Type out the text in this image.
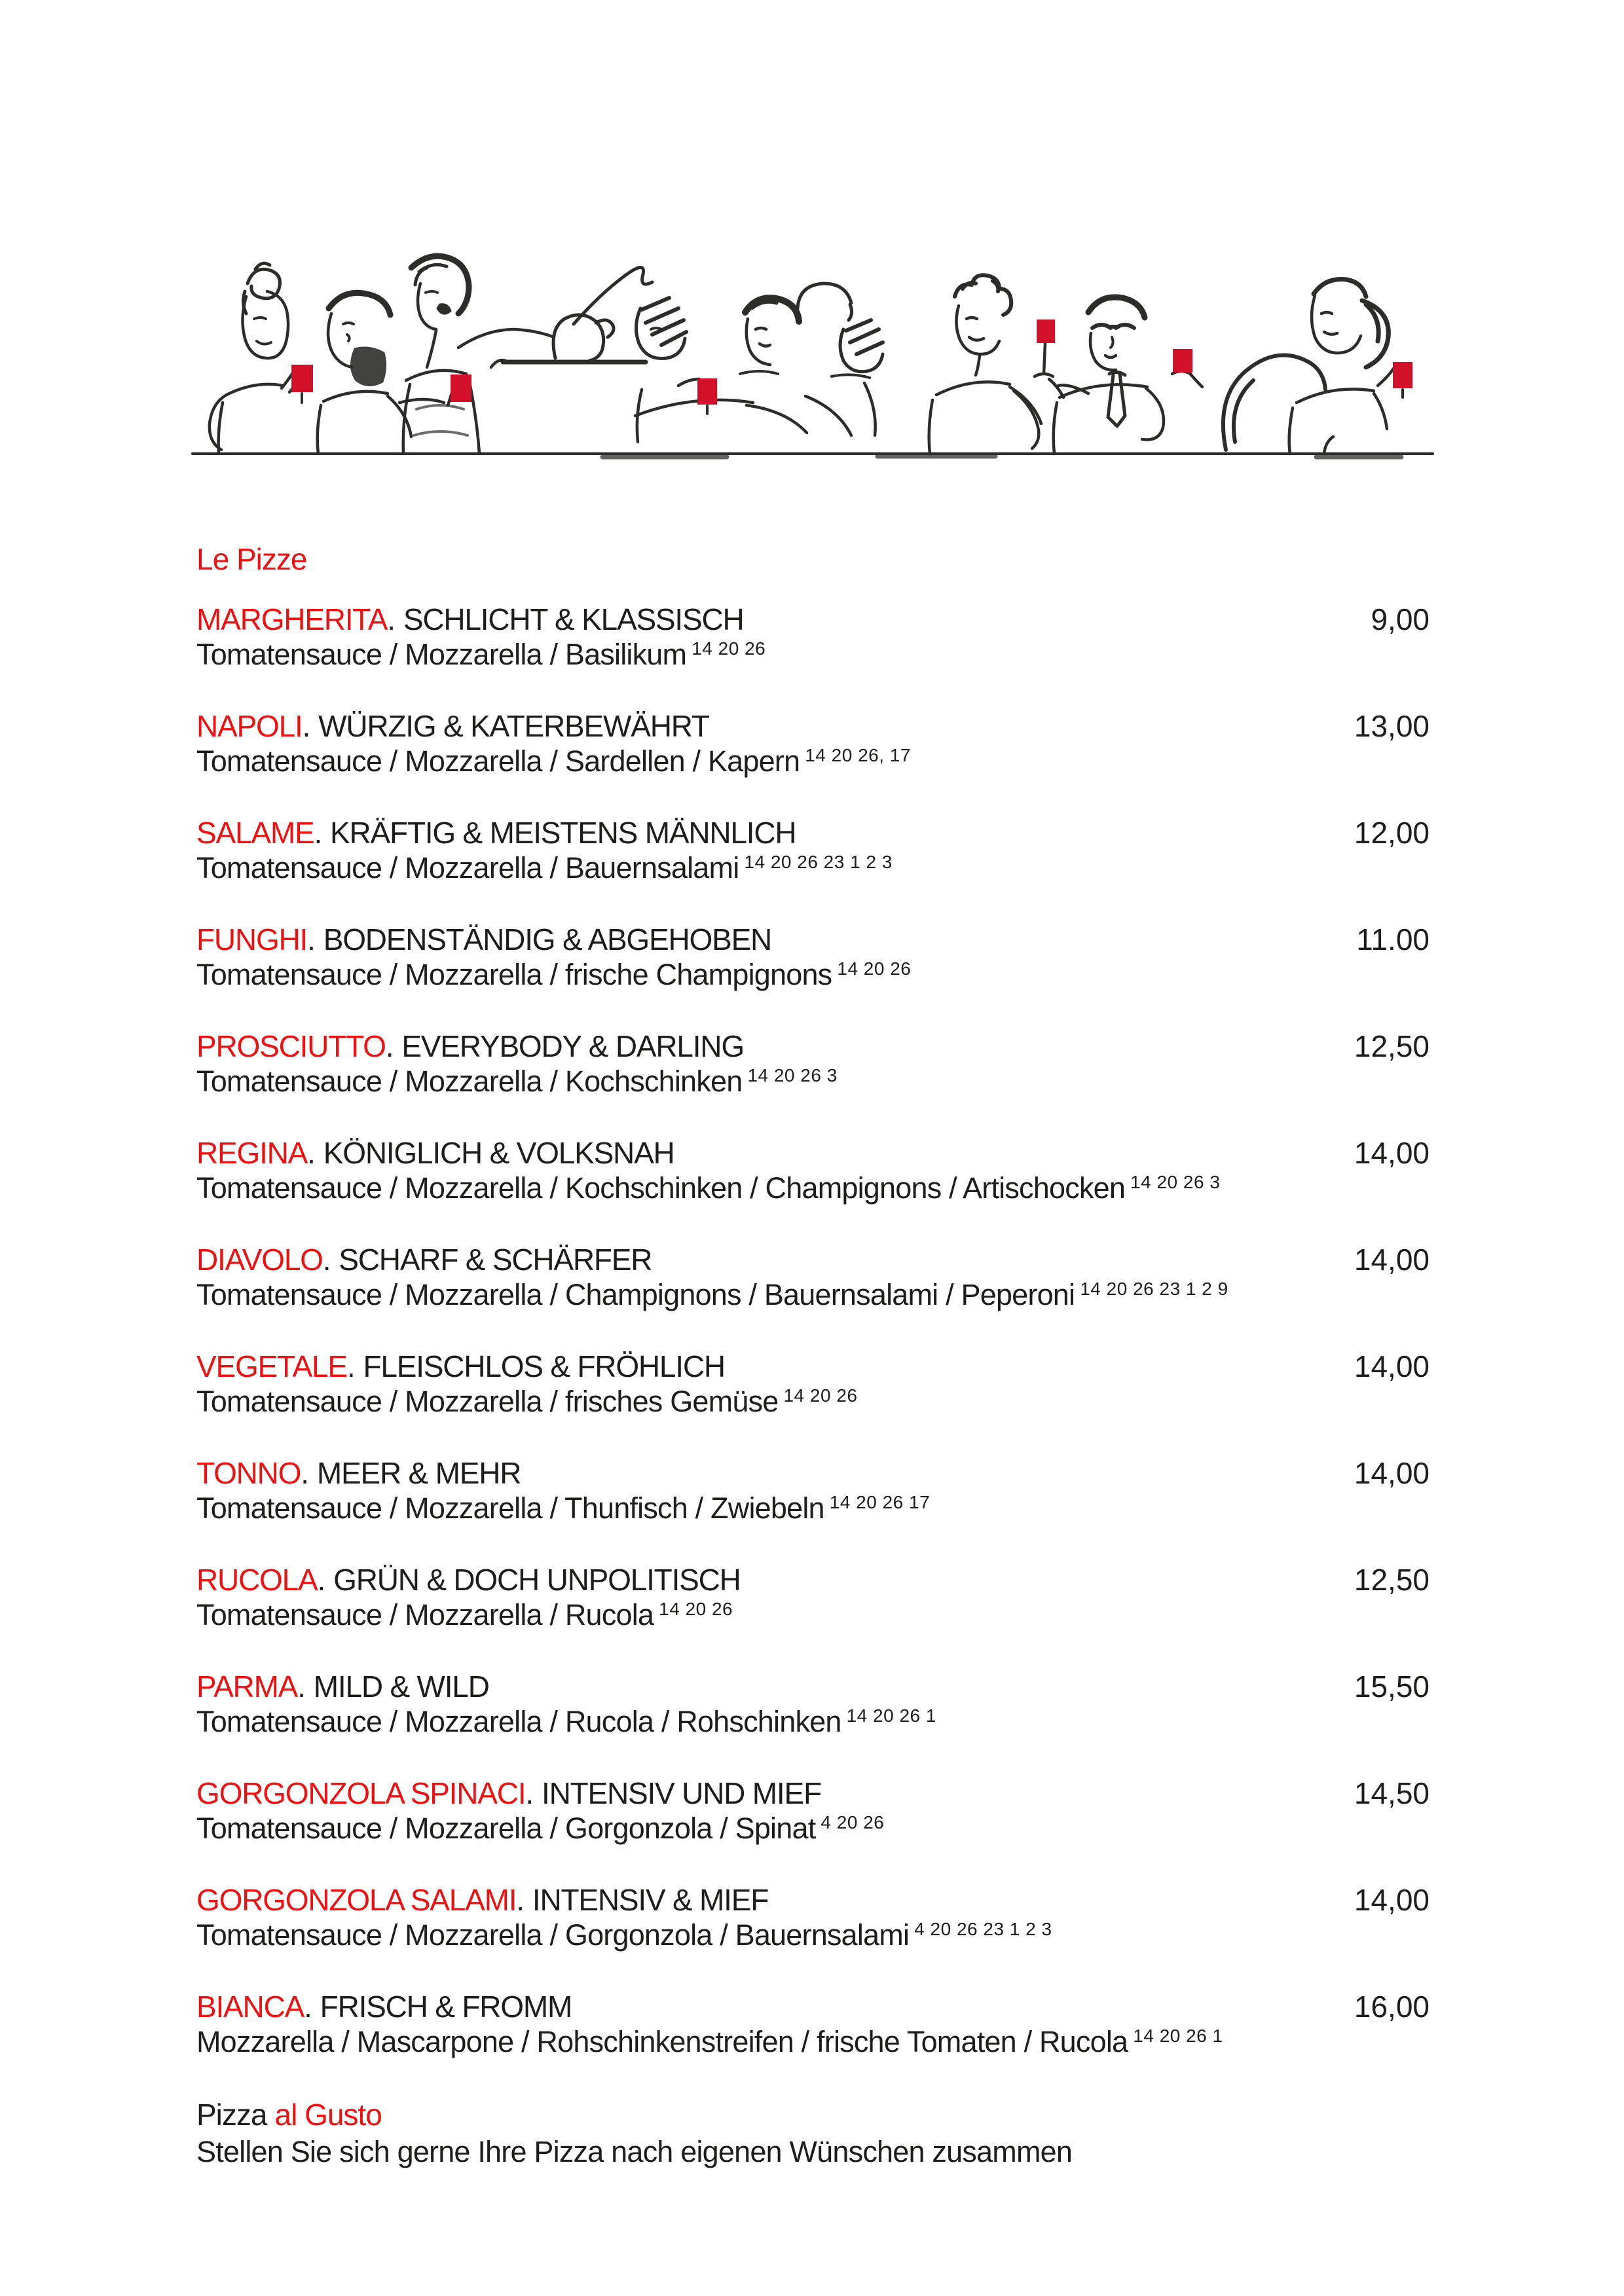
Le Pizze
MARGHERITA. SCHLICHT & KLASSISCH	9,00
Tomatensauce / Mozzarella / Basilikum $^{14 20 26}$
NAPOLI. WÜRZIG & KATERBEWÄHRT	13,00
Tomatensauce / Mozzarella / Sardellen / Kapern $^{14 20 26, 17}$
SALAME. KRÄFTIG & MEISTENS MÄNNLICH	12,00
Tomatensauce / Mozzarella / Bauernsalami $^{14 20 26 23 1 2 3}$
FUNGHI. BODENSTÄNDIG & ABGEHOBEN	11.00
Tomatensauce / Mozzarella / frische Champignons $^{14 20 26}$
PROSCIUTTO. EVERYBODY & DARLING	12,50
Tomatensauce / Mozzarella / Kochschinken $^{14 20 26 3}$
REGINA. KÖNIGLICH & VOLKSNAH	14,00
Tomatensauce / Mozzarella / Kochschinken / Champignons / Artischocken $^{14 20 26 3}$
DIAVOLO. SCHARF & SCHÄRFER	14,00
Tomatensauce / Mozzarella / Champignons / Bauernsalami / Peperoni $^{14 20 26 23 1 2 9}$
VEGETALE. FLEISCHLOS & FRÖHLICH	14,00
Tomatensauce / Mozzarella / frisches Gemüse $^{14 20 26}$
TONNO. MEER & MEHR	14,00
Tomatensauce / Mozzarella / Thunfisch / Zwiebeln $^{14 20 26 17}$
RUCOLA. GRÜN & DOCH UNPOLITISCH	12,50
Tomatensauce / Mozzarella / Rucola $^{14 20 26}$
PARMA. MILD & WILD	15,50
Tomatensauce / Mozzarella / Rucola / Rohschinken $^{14 20 26 1}$
GORGONZOLA SPINACI. INTENSIV UND MIEF	14,50
Tomatensauce / Mozzarella / Gorgonzola / Spinat $^{4 20 26}$
GORGONZOLA SALAMI. INTENSIV & MIEF	14,00
Tomatensauce / Mozzarella / Gorgonzola / Bauernsalami $^{4 20 26 23 1 2 3}$
BIANCA. FRISCH & FROMM	16,00
Mozzarella / Mascarpone / Rohschinkenstreifen / frische Tomaten / Rucola $^{14 20 26 1}$
Pizza al Gusto
Stellen Sie sich gerne Ihre Pizza nach eigenen Wünschen zusammen
